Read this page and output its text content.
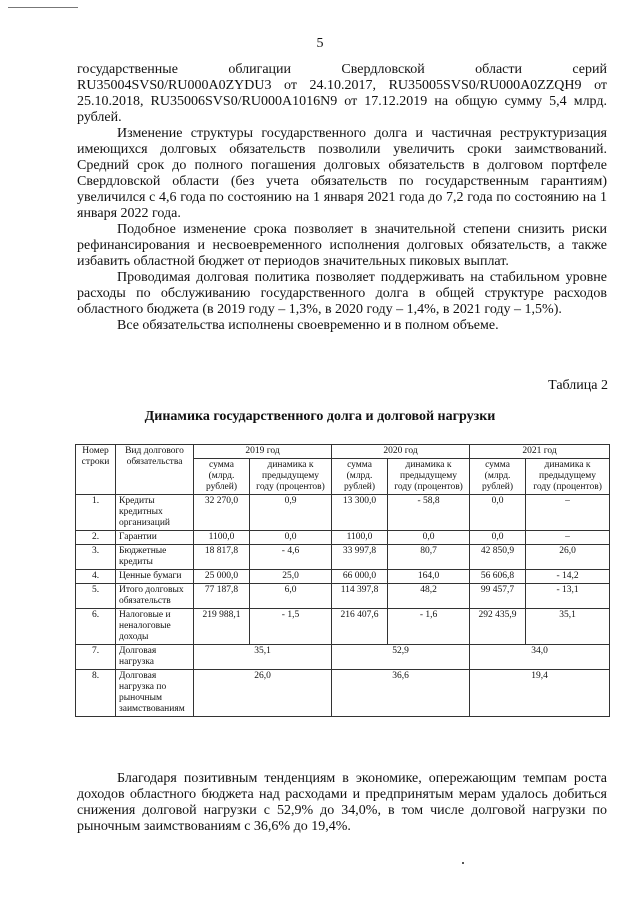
5

государственные облигации Свердловской области серий RU35004SVS0/RU000A0ZYDU3 от 24.10.2017, RU35005SVS0/RU000A0ZZQH9 от 25.10.2018, RU35006SVS0/RU000A1016N9 от 17.12.2019 на общую сумму 5,4 млрд. рублей.

Изменение структуры государственного долга и частичная реструктуризация имеющихся долговых обязательств позволили увеличить сроки заимствований. Средний срок до полного погашения долговых обязательств в долговом портфеле Свердловской области (без учета обязательств по государственным гарантиям) увеличился с 4,6 года по состоянию на 1 января 2021 года до 7,2 года по состоянию на 1 января 2022 года.

Подобное изменение срока позволяет в значительной степени снизить риски рефинансирования и несвоевременного исполнения долговых обязательств, а также избавить областной бюджет от периодов значительных пиковых выплат.

Проводимая долговая политика позволяет поддерживать на стабильном уровне расходы по обслуживанию государственного долга в общей структуре расходов областного бюджета (в 2019 году – 1,3%, в 2020 году – 1,4%, в 2021 году – 1,5%).

Все обязательства исполнены своевременно и в полном объеме.

Таблица 2
Динамика государственного долга и долговой нагрузки
Номер строки	Вид долгового обязательства	2019 год		2020 год		2021 год	
		сумма (млрд. рублей)	динамика к предыдущему году (процентов)	сумма (млрд. рублей)	динамика к предыдущему году (процентов)	сумма (млрд. рублей)	динамика к предыдущему году (процентов)
1.	Кредиты кредитных организаций	32 270,0	0,9	13 300,0	- 58,8	0,0	–
2.	Гарантии	1100,0	0,0	1100,0	0,0	0,0	–
3.	Бюджетные кредиты	18 817,8	- 4,6	33 997,8	80,7	42 850,9	26,0
4.	Ценные бумаги	25 000,0	25,0	66 000,0	164,0	56 606,8	- 14,2
5.	Итого долговых обязательств	77 187,8	6,0	114 397,8	48,2	99 457,7	- 13,1
6.	Налоговые и неналоговые доходы	219 988,1	- 1,5	216 407,6	- 1,6	292 435,9	35,1
7.	Долговая нагрузка	35,1		52,9		34,0	
8.	Долговая нагрузка по рыночным заимствованиям	26,0		36,6		19,4	

Благодаря позитивным тенденциям в экономике, опережающим темпам роста доходов областного бюджета над расходами и предпринятым мерам удалось добиться снижения долговой нагрузки с 52,9% до 34,0%, в том числе долговой нагрузки по рыночным заимствованиям с 36,6% до 19,4%.
